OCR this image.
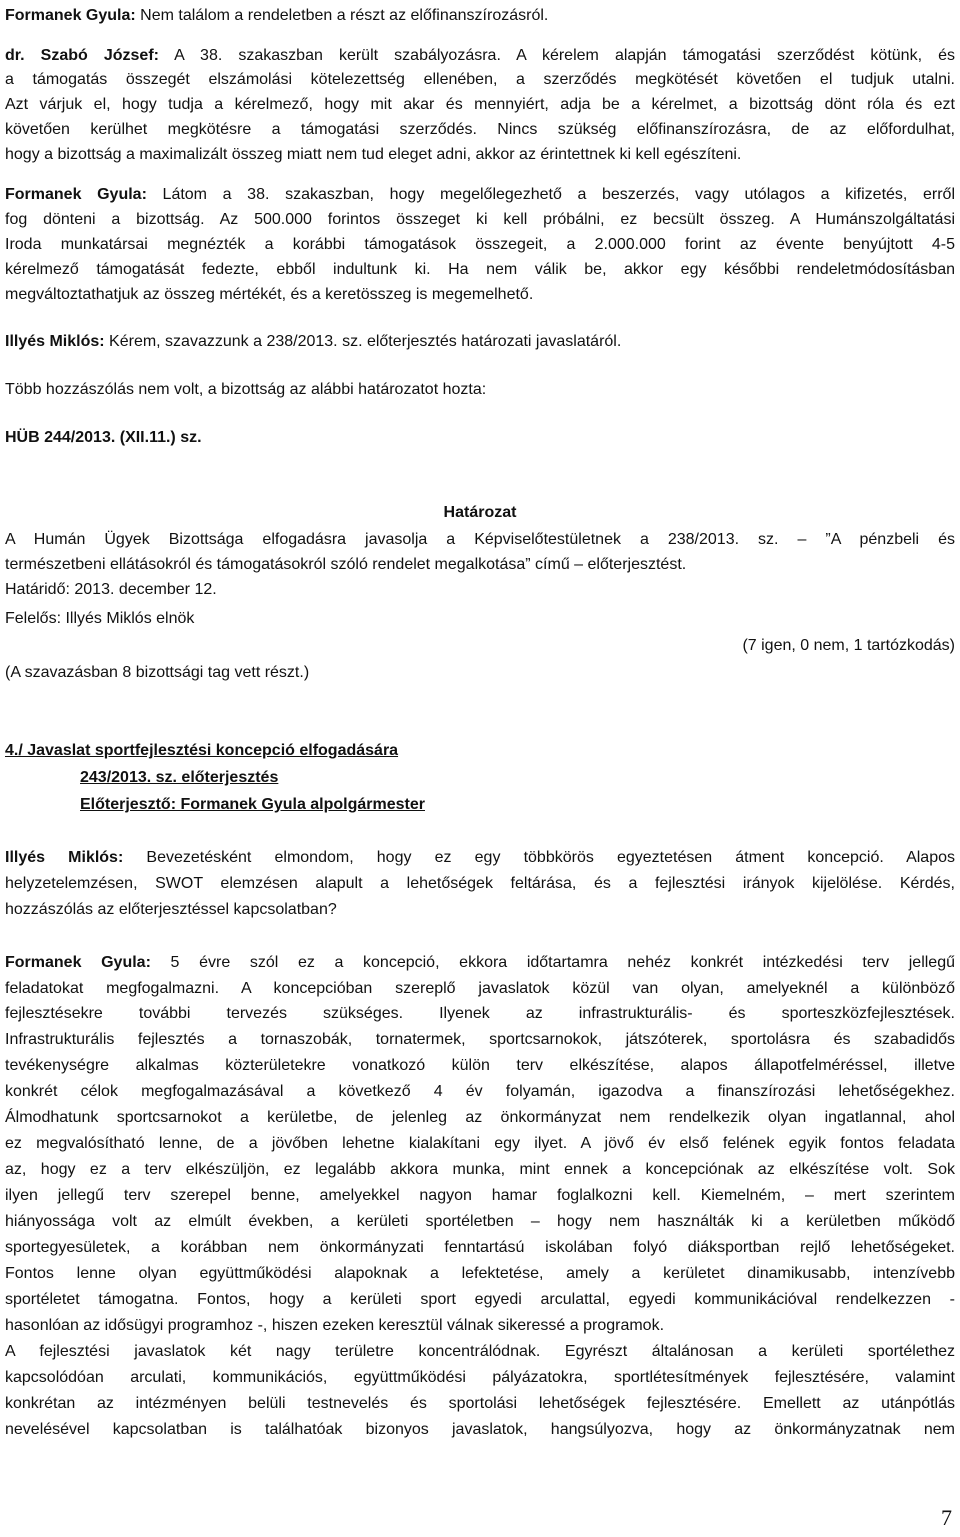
Formanek Gyula: Nem találom a rendeletben a részt az előfinanszírozásról.
dr. Szabó József: A 38. szakaszban került szabályozásra. A kérelem alapján támogatási szerződést kötünk, és
a támogatás összegét elszámolási kötelezettség ellenében, a szerződés megkötését követően el tudjuk utalni.
Azt várjuk el, hogy tudja a kérelmező, hogy mit akar és mennyiért, adja be a kérelmet, a bizottság dönt róla és ezt
követően kerülhet megkötésre a támogatási szerződés. Nincs szükség előfinanszírozásra, de az előfordulhat,
hogy a bizottság a maximalizált összeg miatt nem tud eleget adni, akkor az érintettnek ki kell egészíteni.
Formanek Gyula: Látom a 38. szakaszban, hogy megelőlegezhető a beszerzés, vagy utólagos a kifizetés, erről
fog dönteni a bizottság. Az 500.000 forintos összeget ki kell próbálni, ez becsült összeg. A Humánszolgáltatási
Iroda munkatársai megnézték a korábbi támogatások összegeit, a 2.000.000 forint az évente benyújtott 4-5
kérelmező támogatását fedezte, ebből indultunk ki. Ha nem válik be, akkor egy későbbi rendeletmódosításban
megváltoztathatjuk az összeg mértékét, és a keretösszeg is megemelhető.
Illyés Miklós: Kérem, szavazzunk a 238/2013. sz. előterjesztés határozati javaslatáról.
Több hozzászólás nem volt, a bizottság az alábbi határozatot hozta:
HÜB 244/2013. (XII.11.) sz.
Határozat
A Humán Ügyek Bizottsága elfogadásra javasolja a Képviselőtestületnek a 238/2013. sz. – ”A pénzbeli és
természetbeni ellátásokról és támogatásokról szóló rendelet megalkotása” című – előterjesztést.
Határidő: 2013. december 12.
Felelős: Illyés Miklós elnök
(7 igen, 0 nem, 1 tartózkodás)
(A szavazásban 8 bizottsági tag vett részt.)
4./ Javaslat sportfejlesztési koncepció elfogadására
243/2013. sz. előterjesztés
Előterjesztő: Formanek Gyula alpolgármester
Illyés Miklós: Bevezetésként elmondom, hogy ez egy többkörös egyeztetésen átment koncepció. Alapos
helyzetelemzésen, SWOT elemzésen alapult a lehetőségek feltárása, és a fejlesztési irányok kijelölése. Kérdés,
hozzászólás az előterjesztéssel kapcsolatban?
Formanek Gyula: 5 évre szól ez a koncepció, ekkora időtartamra nehéz konkrét intézkedési terv jellegű
feladatokat megfogalmazni. A koncepcióban szereplő javaslatok közül van olyan, amelyeknél a különböző
fejlesztésekre további tervezés szükséges. Ilyenek az infrastrukturális- és sporteszközfejlesztések.
Infrastrukturális fejlesztés a tornaszobák, tornatermek, sportcsarnokok, játszóterek, sportolásra és szabadidős
tevékenységre alkalmas közterületekre vonatkozó külön terv elkészítése, alapos állapotfelméréssel, illetve
konkrét célok megfogalmazásával a következő 4 év folyamán, igazodva a finanszírozási lehetőségekhez.
Álmodhatunk sportcsarnokot a kerületbe, de jelenleg az önkormányzat nem rendelkezik olyan ingatlannal, ahol
ez megvalósítható lenne, de a jövőben lehetne kialakítani egy ilyet. A jövő év első felének egyik fontos feladata
az, hogy ez a terv elkészüljön, ez legalább akkora munka, mint ennek a koncepciónak az elkészítése volt. Sok
ilyen jellegű terv szerepel benne, amelyekkel nagyon hamar foglalkozni kell. Kiemelném, – mert szerintem
hiányossága volt az elmúlt években, a kerületi sportéletben – hogy nem használták ki a kerületben működő
sportegyesületek, a korábban nem önkormányzati fenntartású iskolában folyó diáksportban rejlő lehetőségeket.
Fontos lenne olyan együttműködési alapoknak a lefektetése, amely a kerületet dinamikusabb, intenzívebb
sportéletet támogatna. Fontos, hogy a kerületi sport egyedi arculattal, egyedi kommunikációval rendelkezzen -
hasonlóan az idősügyi programhoz -, hiszen ezeken keresztül válnak sikeressé a programok.
A fejlesztési javaslatok két nagy területre koncentrálódnak. Egyrészt általánosan a kerületi sportélethez
kapcsolódóan arculati, kommunikációs, együttműködési pályázatokra, sportlétesítmények fejlesztésére, valamint
konkrétan az intézményen belüli testnevelés és sportolási lehetőségek fejlesztésére. Emellett az utánpótlás
nevelésével kapcsolatban is találhatóak bizonyos javaslatok, hangsúlyozva, hogy az önkormányzatnak nem
7
